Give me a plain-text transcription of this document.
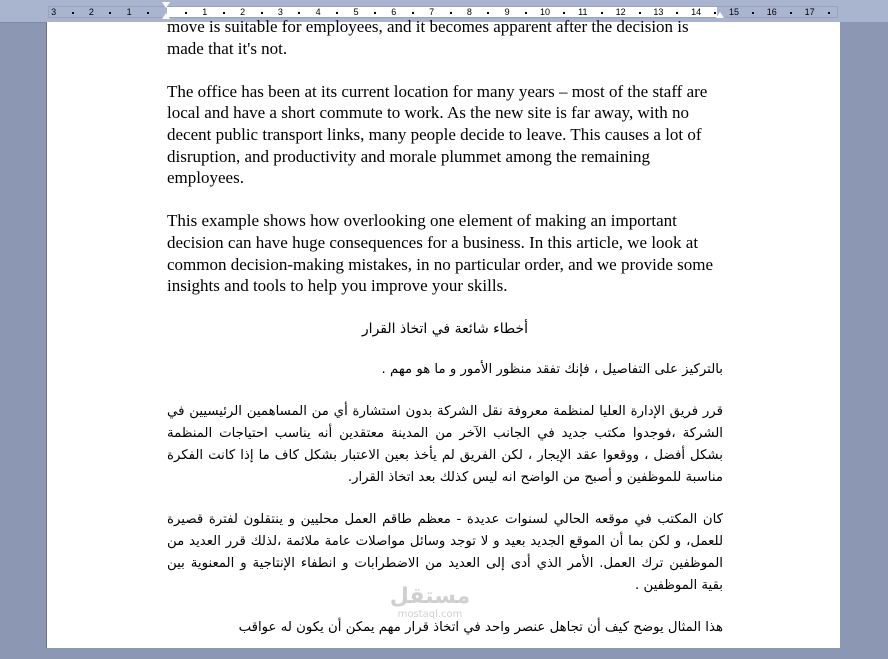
3	2	1	1	2	3	4	5	6	7	8	9	10	11	12	13	14	15	16	17

move is suitable for employees, and it becomes apparent after the decision is made that it's not.

The office has been at its current location for many years – most of the staff are local and have a short commute to work. As the new site is far away, with no decent public transport links, many people decide to leave. This causes a lot of disruption, and productivity and morale plummet among the remaining employees.

This example shows how overlooking one element of making an important decision can have huge consequences for a business. In this article, we look at common decision-making mistakes, in no particular order, and we provide some insights and tools to help you improve your skills.

أخطاء شائعة في اتخاذ القرار
بالتركيز على التفاصيل ، فإنك تفقد منظور الأمور و ما هو مهم .
قرر فريق الإدارة العليا لمنظمة معروفة نقل الشركة بدون استشارة أي من المساهمين الرئيسيين في الشركة ،فوجدوا مكتب جديد في الجانب الآخر من المدينة معتقدين أنه يناسب احتياجات المنظمة بشكل أفضل ، ووقعوا عقد الإيجار ، لكن الفريق لم يأخذ بعين الاعتبار بشكل كاف ما إذا كانت الفكرة مناسبة للموظفين و أصبح من الواضح انه ليس كذلك بعد اتخاذ القرار.
كان المكتب في موقعه الحالي لسنوات عديدة - معظم طاقم العمل محليين و ينتقلون لفترة قصيرة للعمل، و لكن بما أن الموقع الجديد بعيد و لا توجد وسائل مواصلات عامة ملائمة ،لذلك قرر العديد من الموظفين ترك العمل. الأمر الذي أدى إلى العديد من الاضطرابات و انطفاء الإنتاجية و المعنوية بين بقية الموظفين .
هذا المثال يوضح كيف أن تجاهل عنصر واحد في اتخاذ قرار مهم يمكن أن يكون له عواقب
مستقل
mostaql.com
